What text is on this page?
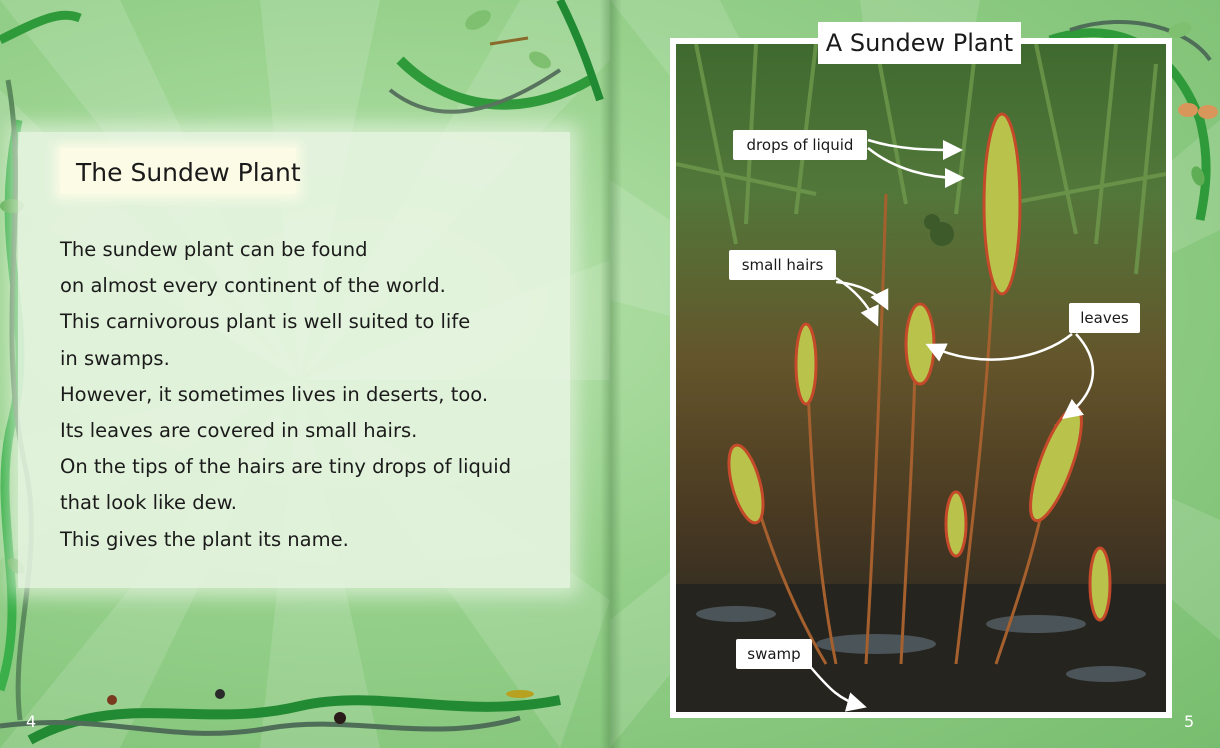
The Sundew Plant
The sundew plant can be found
on almost every continent of the world.
This carnivorous plant is well suited to life
in swamps.
However, it sometimes lives in deserts, too.
Its leaves are covered in small hairs.
On the tips of the hairs are tiny drops of liquid
that look like dew.
This gives the plant its name.
4	5
A Sundew Plant
drops of liquid
small hairs
leaves
swamp
